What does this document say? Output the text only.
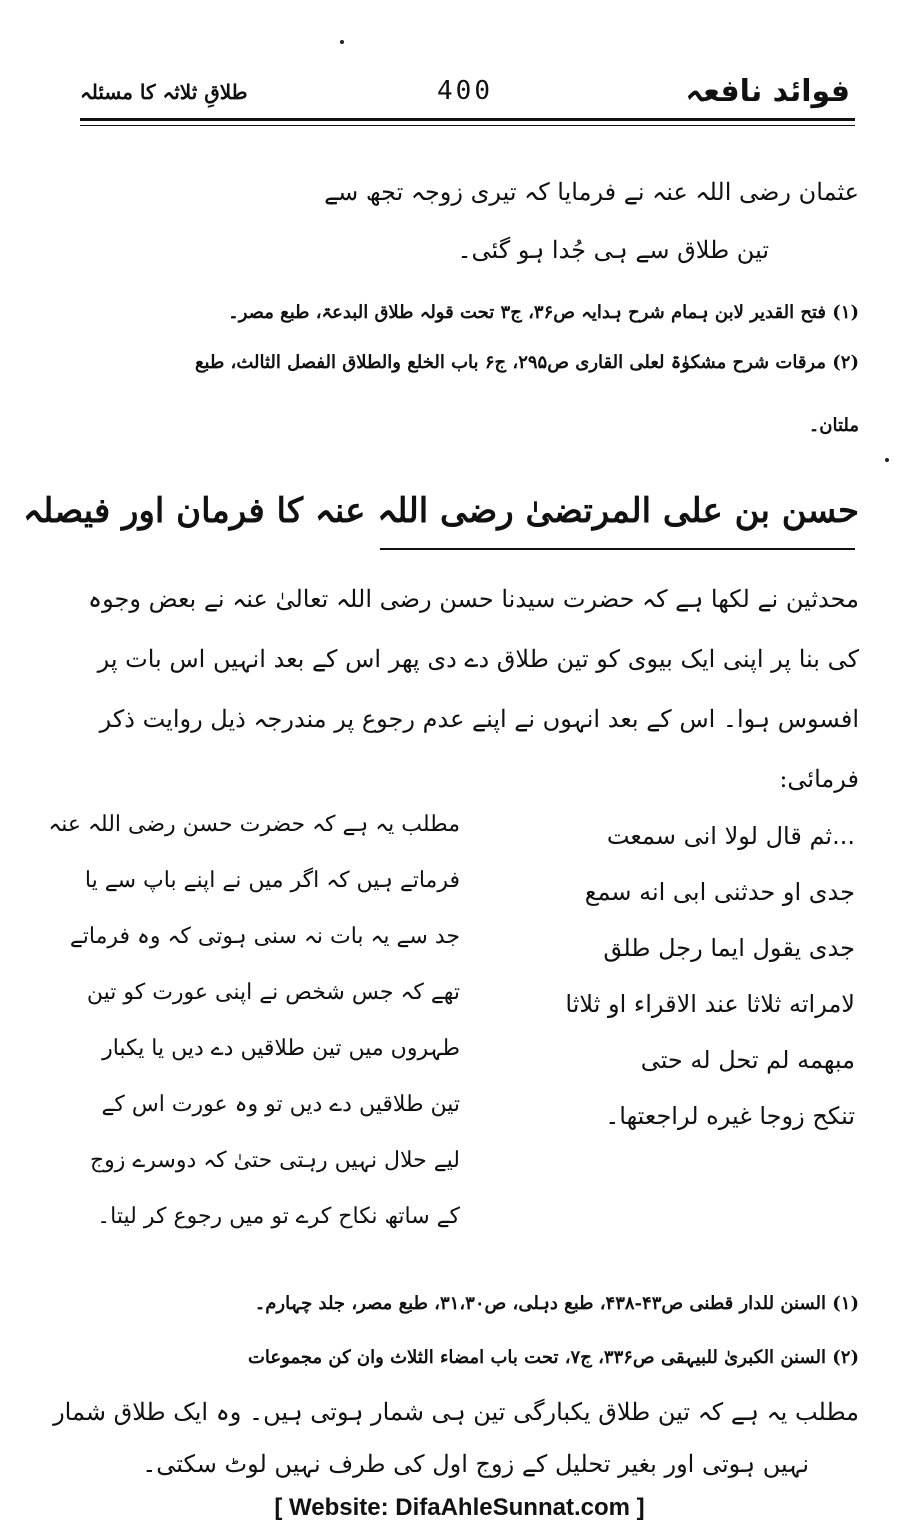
فوائد نافعہ
400
طلاقِ ثلاثہ کا مسئلہ
عثمان رضی اللہ عنہ نے فرمایا کہ تیری زوجہ تجھ سے
تین طلاق سے ہی جُدا ہو گئی۔
(۱) فتح القدیر لابن ہمام شرح ہدایہ ص۳۶، ج۳ تحت قولہ طلاق البدعۃ، طبع مصر۔
(۲) مرقات شرح مشکوٰۃ لعلی القاری ص۲۹۵، ج۶ باب الخلع والطلاق الفصل الثالث، طبع
ملتان۔
حسن بن علی المرتضیٰ رضی اللہ عنہ کا فرمان اور فیصلہ
محدثین نے لکھا ہے کہ حضرت سیدنا حسن رضی اللہ تعالیٰ عنہ نے بعض وجوہ
کی بنا پر اپنی ایک بیوی کو تین طلاق دے دی پھر اس کے بعد انہیں اس بات پر
افسوس ہوا۔ اس کے بعد انہوں نے اپنے عدم رجوع پر مندرجہ ذیل روایت ذکر
فرمائی:
...ثم قال لولا انی سمعت
جدی او حدثنی ابی انه سمع
جدی یقول ایما رجل طلق
لامراته ثلاثا عند الاقراء او ثلاثا
مبهمه لم تحل له حتی
تنکح زوجا غیره لراجعتها۔
مطلب یہ ہے کہ حضرت حسن رضی اللہ عنہ
فرماتے ہیں کہ اگر میں نے اپنے باپ سے یا
جد سے یہ بات نہ سنی ہوتی کہ وہ فرماتے
تھے کہ جس شخص نے اپنی عورت کو تین
طہروں میں تین طلاقیں دے دیں یا یکبار
تین طلاقیں دے دیں تو وہ عورت اس کے
لیے حلال نہیں رہتی حتیٰ کہ دوسرے زوج
کے ساتھ نکاح کرے تو میں رجوع کر لیتا۔
(۱) السنن للدار قطنی ص۴۳-۴۳۸، طبع دہلی، ص۳۱،۳۰، طبع مصر، جلد چہارم۔
(۲) السنن الکبریٰ للبیہقی ص۳۳۶، ج۷، تحت باب امضاء الثلاث وان کن مجموعات
مطلب یہ ہے کہ تین طلاق یکبارگی تین ہی شمار ہوتی ہیں۔ وہ ایک طلاق شمار
نہیں ہوتی اور بغیر تحلیل کے زوج اول کی طرف نہیں لوٹ سکتی۔
[ Website: DifaAhleSunnat.com ]
